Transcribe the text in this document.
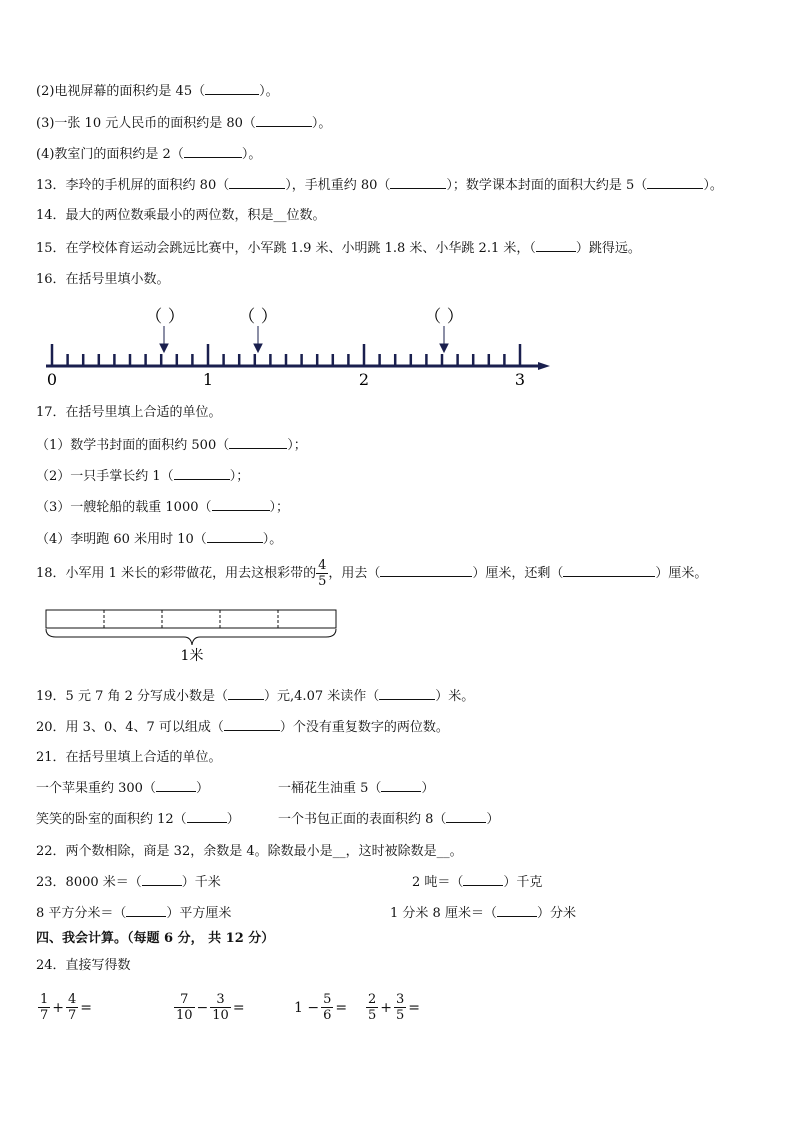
(2)电视屏幕的面积约是 45（	）。
(3)一张 10 元人民币的面积约是 80（	）。
(4)教室门的面积约是 2（	）。
13．李玲的手机屏的面积约 80（	），手机重约 80（	）；数学课本封面的面积大约是 5（	）。
14．最大的两位数乘最小的两位数，积是__位数。
15．在学校体育运动会跳远比赛中，小军跳 1.9 米、小明跳 1.8 米、小华跳 2.1 米，（	）跳得远。
16．在括号里填小数。
（ ）	（ ）	（ ）
0	1	2	3
17．在括号里填上合适的单位。
（1）数学书封面的面积约 500（	）；
（2）一只手掌长约 1（	）；
（3）一艘轮船的载重 1000（	）；
（4）李明跑 60 米用时 10（	）。
18．小军用 1 米长的彩带做花，用去这根彩带的 $\frac{4}{5}$ ，用去（	）厘米，还剩（	）厘米。
1米
19．5 元 7 角 2 分写成小数是（	）元,4.07 米读作（	）米。
20．用 3、0、4、7 可以组成（	）个没有重复数字的两位数。
21．在括号里填上合适的单位。
一个苹果重约 300（	）	一桶花生油重 5（	）
笑笑的卧室的面积约 12（	）	一个书包正面的表面积约 8（	）
22．两个数相除，商是 32，余数是 4。除数最小是__，这时被除数是__。
23．8000 米＝（	）千米	2 吨＝（	）千克
8 平方分米＝（	）平方厘米	1 分米 8 厘米＝（	）分米
四、我会计算。（每题 6 分， 共 12 分）
24．直接写得数
$\frac{1}{7} + \frac{4}{7}$ =	$\frac{7}{10} - \frac{3}{10}$ =	$1 - \frac{5}{6} = \frac{2}{5} + \frac{3}{5}$ =
